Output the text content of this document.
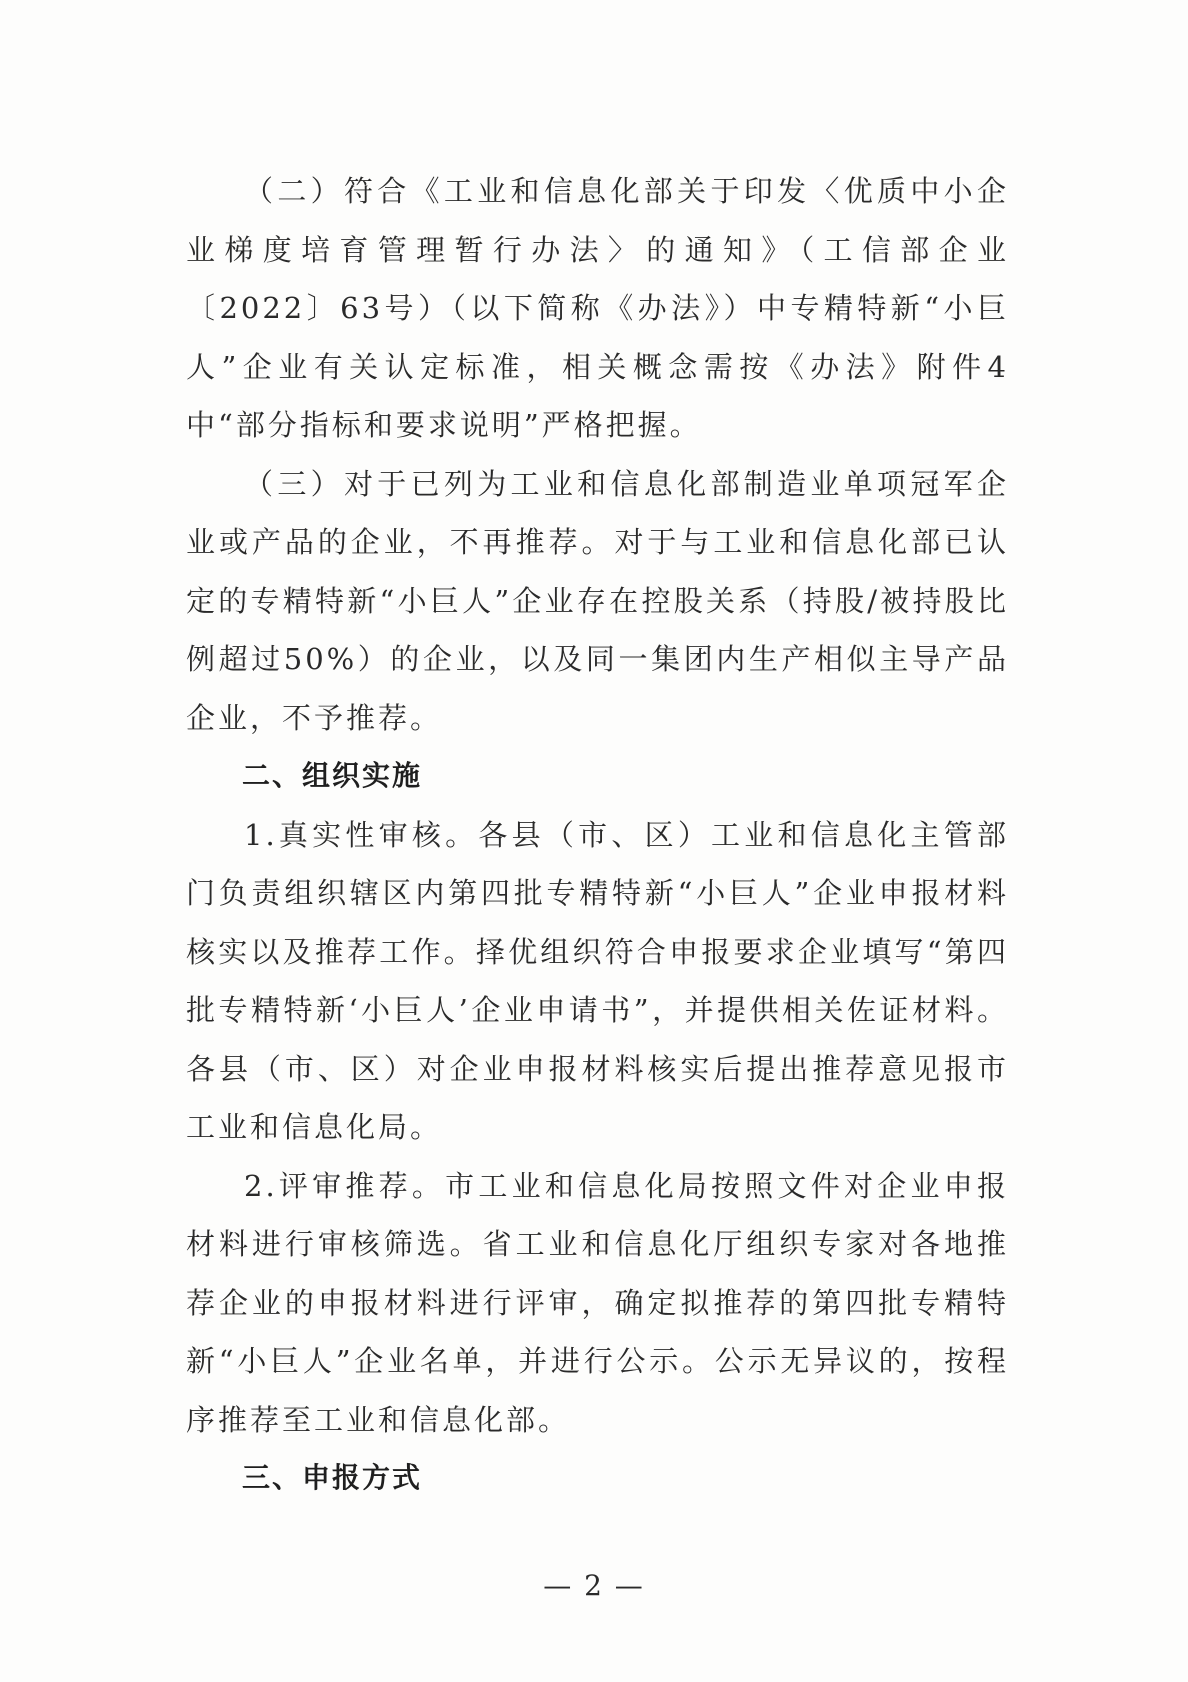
（二）符合《工业和信息化部关于印发〈优质中小企业梯度培育管理暂行办法〉的通知》（工信部企业〔2022〕63号）（以下简称《办法》）中专精特新“小巨人”企业有关认定标准，相关概念需按《办法》附件4中“部分指标和要求说明”严格把握。

（三）对于已列为工业和信息化部制造业单项冠军企业或产品的企业，不再推荐。对于与工业和信息化部已认定的专精特新“小巨人”企业存在控股关系（持股/被持股比例超过50%）的企业，以及同一集团内生产相似主导产品企业，不予推荐。

二、组织实施

1.真实性审核。各县（市、区）工业和信息化主管部门负责组织辖区内第四批专精特新“小巨人”企业申报材料核实以及推荐工作。择优组织符合申报要求企业填写“第四批专精特新‘小巨人’企业申请书”，并提供相关佐证材料。各县（市、区）对企业申报材料核实后提出推荐意见报市工业和信息化局。

2.评审推荐。市工业和信息化局按照文件对企业申报材料进行审核筛选。省工业和信息化厅组织专家对各地推荐企业的申报材料进行评审，确定拟推荐的第四批专精特新“小巨人”企业名单，并进行公示。公示无异议的，按程序推荐至工业和信息化部。

三、申报方式

— 2 —
